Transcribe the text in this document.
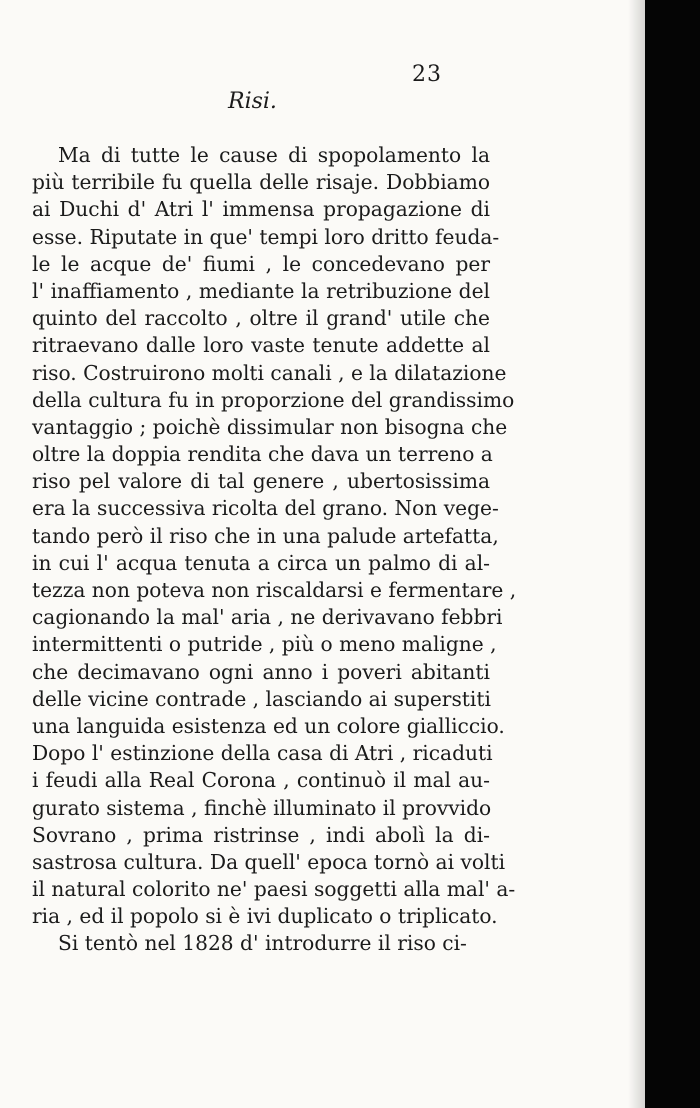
23
Risi.
Ma di tutte le cause di spopolamento la
più terribile fu quella delle risaje. Dobbiamo
ai Duchi d' Atri l' immensa propagazione di
esse. Riputate in que' tempi loro dritto feuda-
le le acque de' fiumi , le concedevano per
l' inaffiamento , mediante la retribuzione del
quinto del raccolto , oltre il grand' utile che
ritraevano dalle loro vaste tenute addette al
riso. Costruirono molti canali , e la dilatazione
della cultura fu in proporzione del grandissimo
vantaggio ; poichè dissimular non bisogna che
oltre la doppia rendita che dava un terreno a
riso pel valore di tal genere , ubertosissima
era la successiva ricolta del grano. Non vege-
tando però il riso che in una palude artefatta,
in cui l' acqua tenuta a circa un palmo di al-
tezza non poteva non riscaldarsi e fermentare ,
cagionando la mal' aria , ne derivavano febbri
intermittenti o putride , più o meno maligne ,
che decimavano ogni anno i poveri abitanti
delle vicine contrade , lasciando ai superstiti
una languida esistenza ed un colore gialliccio.
Dopo l' estinzione della casa di Atri , ricaduti
i feudi alla Real Corona , continuò il mal au-
gurato sistema , finchè illuminato il provvido
Sovrano , prima ristrinse , indi abolì la di-
sastrosa cultura. Da quell' epoca tornò ai volti
il natural colorito ne' paesi soggetti alla mal' a-
ria , ed il popolo si è ivi duplicato o triplicato.
Si tentò nel 1828 d' introdurre il riso ci-
